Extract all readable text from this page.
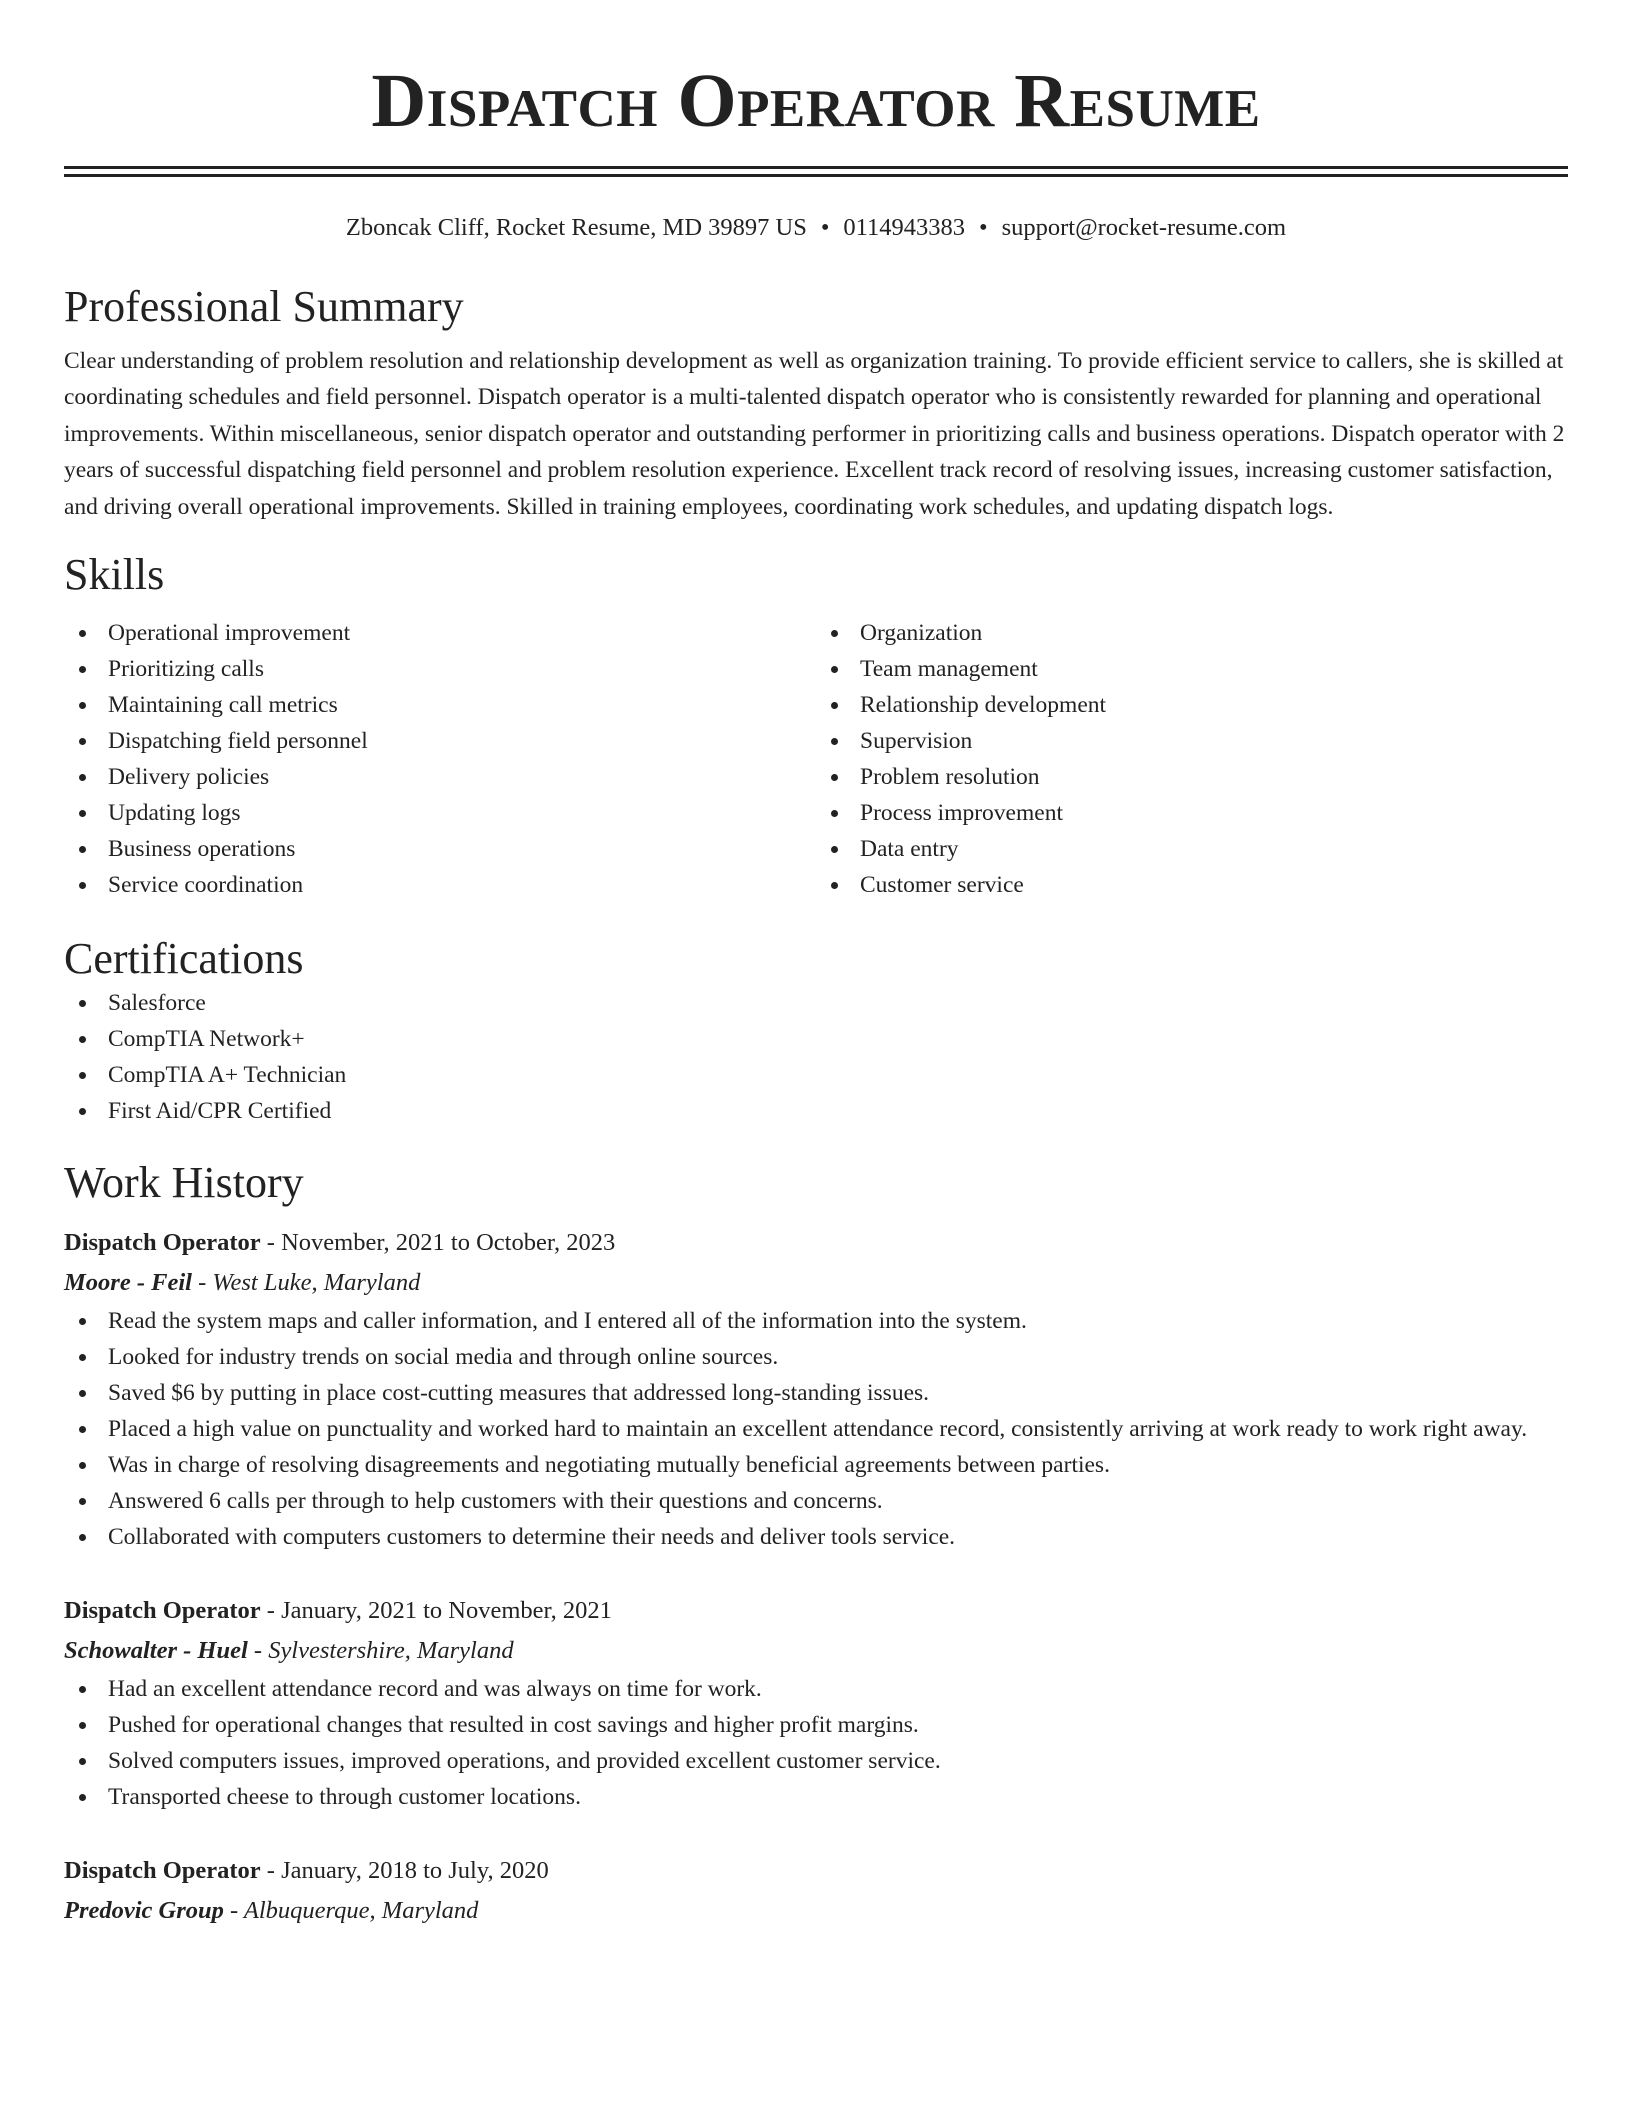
Dispatch Operator Resume
Zboncak Cliff, Rocket Resume, MD 39897 US • 0114943383 • support@rocket-resume.com
Professional Summary

Clear understanding of problem resolution and relationship development as well as organization training. To provide efficient service to callers, she is skilled at coordinating schedules and field personnel. Dispatch operator is a multi-talented dispatch operator who is consistently rewarded for planning and operational improvements. Within miscellaneous, senior dispatch operator and outstanding performer in prioritizing calls and business operations. Dispatch operator with 2 years of successful dispatching field personnel and problem resolution experience. Excellent track record of resolving issues, increasing customer satisfaction, and driving overall operational improvements. Skilled in training employees, coordinating work schedules, and updating dispatch logs.

Skills
Operational improvement
Prioritizing calls
Maintaining call metrics
Dispatching field personnel
Delivery policies
Updating logs
Business operations
Service coordination
Organization
Team management
Relationship development
Supervision
Problem resolution
Process improvement
Data entry
Customer service
Certifications
Salesforce
CompTIA Network+
CompTIA A+ Technician
First Aid/CPR Certified
Work History
Dispatch Operator - November, 2021 to October, 2023
Moore - Feil - West Luke, Maryland
Read the system maps and caller information, and I entered all of the information into the system.
Looked for industry trends on social media and through online sources.
Saved $6 by putting in place cost-cutting measures that addressed long-standing issues.
Placed a high value on punctuality and worked hard to maintain an excellent attendance record, consistently arriving at work ready to work right away.
Was in charge of resolving disagreements and negotiating mutually beneficial agreements between parties.
Answered 6 calls per through to help customers with their questions and concerns.
Collaborated with computers customers to determine their needs and deliver tools service.
Dispatch Operator - January, 2021 to November, 2021
Schowalter - Huel - Sylvestershire, Maryland
Had an excellent attendance record and was always on time for work.
Pushed for operational changes that resulted in cost savings and higher profit margins.
Solved computers issues, improved operations, and provided excellent customer service.
Transported cheese to through customer locations.
Dispatch Operator - January, 2018 to July, 2020
Predovic Group - Albuquerque, Maryland
